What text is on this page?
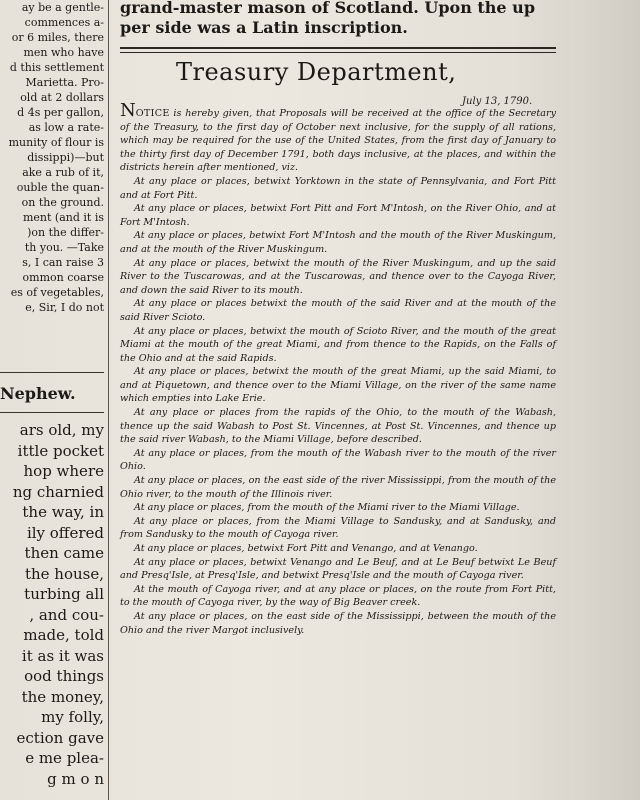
ay be a gentle-
commences a-
or 6 miles, there
men who have
d this settlement
Marietta. Pro-
old at 2 dollars
d 4s per gallon,
as low a rate-
munity of flour is
dissippi)—but
ake a rub of it,
ouble the quan-
on the ground.
ment (and it is
)on the differ-
th you. —Take
s, I can raise 3
ommon coarse
es of vegetables,
e, Sir, I do not
Nephew.
ars old, my
ittle pocket
hop where
ng charnied
the way, in
ily offered
then came
the house,
turbing all
, and cou-
made, told
it as it was
ood things
the money,
my folly,
ection gave
e me plea-
g m o n
grand-master mason of Scotland. Upon the up
per side was a Latin inscription.
Treasury Department,
July 13, 1790.

NOTICE is hereby given, that Proposals will be received at the office of the Secretary of the Treasury, to the first day of October next inclusive, for the supply of all rations, which may be required for the use of the United States, from the first day of January to the thirty first day of December 1791, both days inclusive, at the places, and within the districts herein after mentioned, viz.

At any place or places, betwixt Yorktown in the state of Pennsylvania, and Fort Pitt and at Fort Pitt.

At any place or places, betwixt Fort Pitt and Fort M'Intosh, on the River Ohio, and at Fort M'Intosh.

At any place or places, betwixt Fort M'Intosh and the mouth of the River Muskingum, and at the mouth of the River Muskingum.

At any place or places, betwixt the mouth of the River Muskingum, and up the said River to the Tuscarowas, and at the Tuscarowas, and thence over to the Cayoga River, and down the said River to its mouth.

At any place or places betwixt the mouth of the said River and at the mouth of the said River Scioto.

At any place or places, betwixt the mouth of Scioto River, and the mouth of the great Miami at the mouth of the great Miami, and from thence to the Rapids, on the Falls of the Ohio and at the said Rapids.

At any place or places, betwixt the mouth of the great Miami, up the said Miami, to and at Piquetown, and thence over to the Miami Village, on the river of the same name which empties into Lake Erie.

At any place or places from the rapids of the Ohio, to the mouth of the Wabash, thence up the said Wabash to Post St. Vincennes, at Post St. Vincennes, and thence up the said river Wabash, to the Miami Village, before described.

At any place or places, from the mouth of the Wabash river to the mouth of the river Ohio.

At any place or places, on the east side of the river Mississippi, from the mouth of the Ohio river, to the mouth of the Illinois river.

At any place or places, from the mouth of the Miami river to the Miami Village.

At any place or places, from the Miami Village to Sandusky, and at Sandusky, and from Sandusky to the mouth of Cayoga river.

At any place or places, betwixt Fort Pitt and Venango, and at Venango.

At any place or places, betwixt Venango and Le Beuf, and at Le Beuf betwixt Le Beuf and Presq'Isle, at Presq'Isle, and betwixt Presq'Isle and the mouth of Cayoga river.

At the mouth of Cayoga river, and at any place or places, on the route from Fort Pitt, to the mouth of Cayoga river, by the way of Big Beaver creek.

At any place or places, on the east side of the Mississippi, between the mouth of the Ohio and the river Margot inclusively.
